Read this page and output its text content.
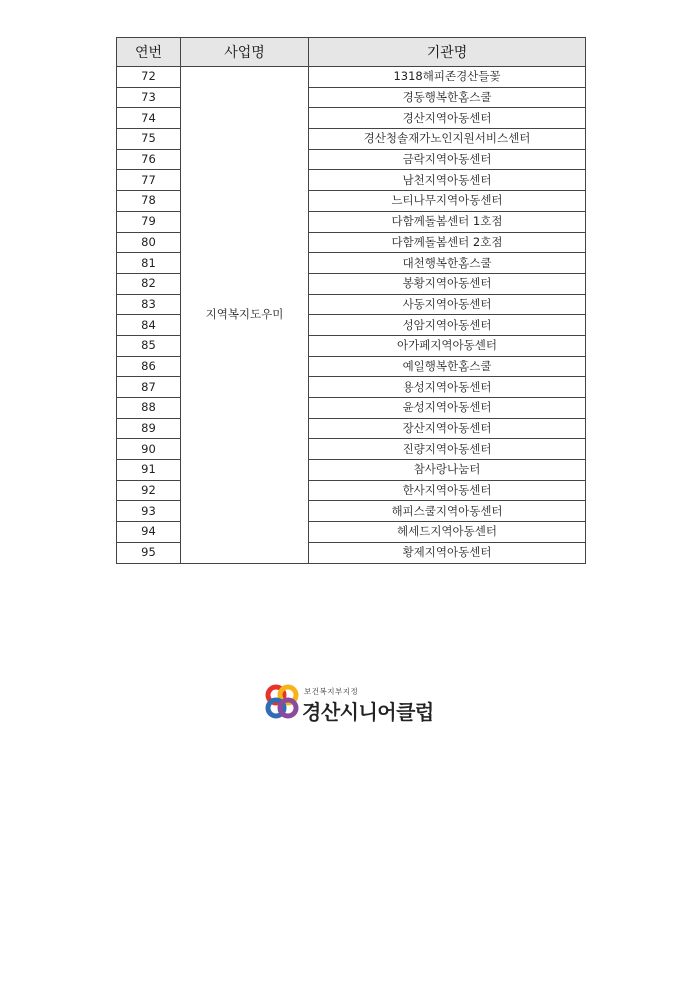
연번	사업명	기관명
72	지역복지도우미	1318해피존경산들꽃
73		경동행복한홈스쿨
74		경산지역아동센터
75		경산청솔재가노인지원서비스센터
76		금락지역아동센터
77		남천지역아동센터
78		느티나무지역아동센터
79		다함께돌봄센터 1호점
80		다함께돌봄센터 2호점
81		대천행복한홈스쿨
82		봉황지역아동센터
83		사동지역아동센터
84		성암지역아동센터
85		아가페지역아동센터
86		예일행복한홈스쿨
87		용성지역아동센터
88		윤성지역아동센터
89		장산지역아동센터
90		진량지역아동센터
91		참사랑나눔터
92		한사지역아동센터
93		해피스쿨지역아동센터
94		헤세드지역아동센터
95		황제지역아동센터
보건복지부지정
경산시니어클럽
